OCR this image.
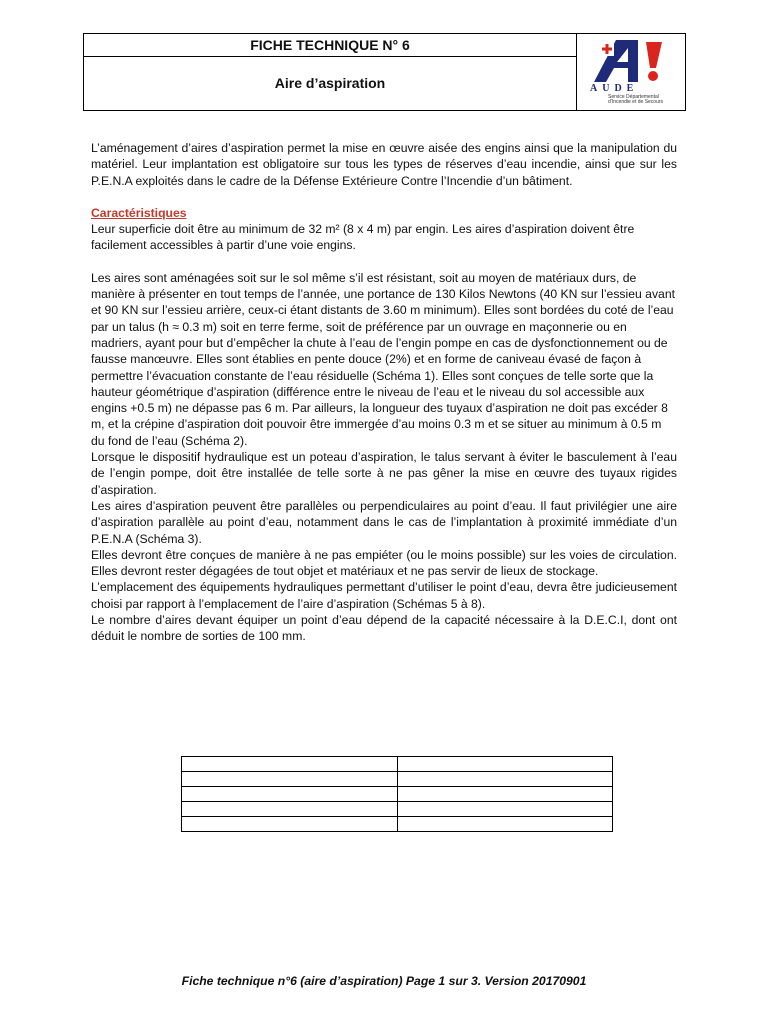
FICHE TECHNIQUE N° 6
Aire d’aspiration	AUDE
Service Départemental
d’Incendie et de Secours

L’aménagement d’aires d’aspiration permet la mise en œuvre aisée des engins ainsi que la manipulation du matériel. Leur implantation est obligatoire sur tous les types de réserves d’eau incendie, ainsi que sur les P.E.N.A exploités dans le cadre de la Défense Extérieure Contre l’Incendie d’un bâtiment.

Caractéristiques

Leur superficie doit être au minimum de 32 m² (8 x 4 m) par engin. Les aires d’aspiration doivent être facilement accessibles à partir d’une voie engins.

Les aires sont aménagées soit sur le sol même s’il est résistant, soit au moyen de matériaux durs, de manière à présenter en tout temps de l’année, une portance de 130 Kilos Newtons (40 KN sur l’essieu avant et 90 KN sur l’essieu arrière, ceux-ci étant distants de 3.60 m minimum). Elles sont bordées du coté de l’eau par un talus (h ≈ 0.3 m) soit en terre ferme, soit de préférence par un ouvrage en maçonnerie ou en madriers, ayant pour but d’empêcher la chute à l’eau de l’engin pompe en cas de dysfonctionnement ou de fausse manœuvre. Elles sont établies en pente douce (2%) et en forme de caniveau évasé de façon à permettre l’évacuation constante de l’eau résiduelle (Schéma 1). Elles sont conçues de telle sorte que la hauteur géométrique d’aspiration (différence entre le niveau de l’eau et le niveau du sol accessible aux engins +0.5 m) ne dépasse pas 6 m. Par ailleurs, la longueur des tuyaux d’aspiration ne doit pas excéder 8 m, et la crépine d’aspiration doit pouvoir être immergée d’au moins 0.3 m et se situer au minimum à 0.5 m du fond de l’eau (Schéma 2).

Lorsque le dispositif hydraulique est un poteau d’aspiration, le talus servant à éviter le basculement à l’eau de l’engin pompe, doit être installée de telle sorte à ne pas gêner la mise en œuvre des tuyaux rigides d’aspiration.

Les aires d’aspiration peuvent être parallèles ou perpendiculaires au point d’eau. Il faut privilégier une aire d’aspiration parallèle au point d’eau, notamment dans le cas de l’implantation à proximité immédiate d’un P.E.N.A (Schéma 3).

Elles devront être conçues de manière à ne pas empiéter (ou le moins possible) sur les voies de circulation. Elles devront rester dégagées de tout objet et matériaux et ne pas servir de lieux de stockage.

L’emplacement des équipements hydrauliques permettant d’utiliser le point d’eau, devra être judicieusement choisi par rapport à l’emplacement de l’aire d’aspiration (Schémas 5 à 8).

Le nombre d’aires devant équiper un point d’eau dépend de la capacité nécessaire à la D.E.C.I, dont ont déduit le nombre de sorties de 100 mm.

Fiche technique n°6 (aire d’aspiration) Page 1 sur 3. Version 20170901
